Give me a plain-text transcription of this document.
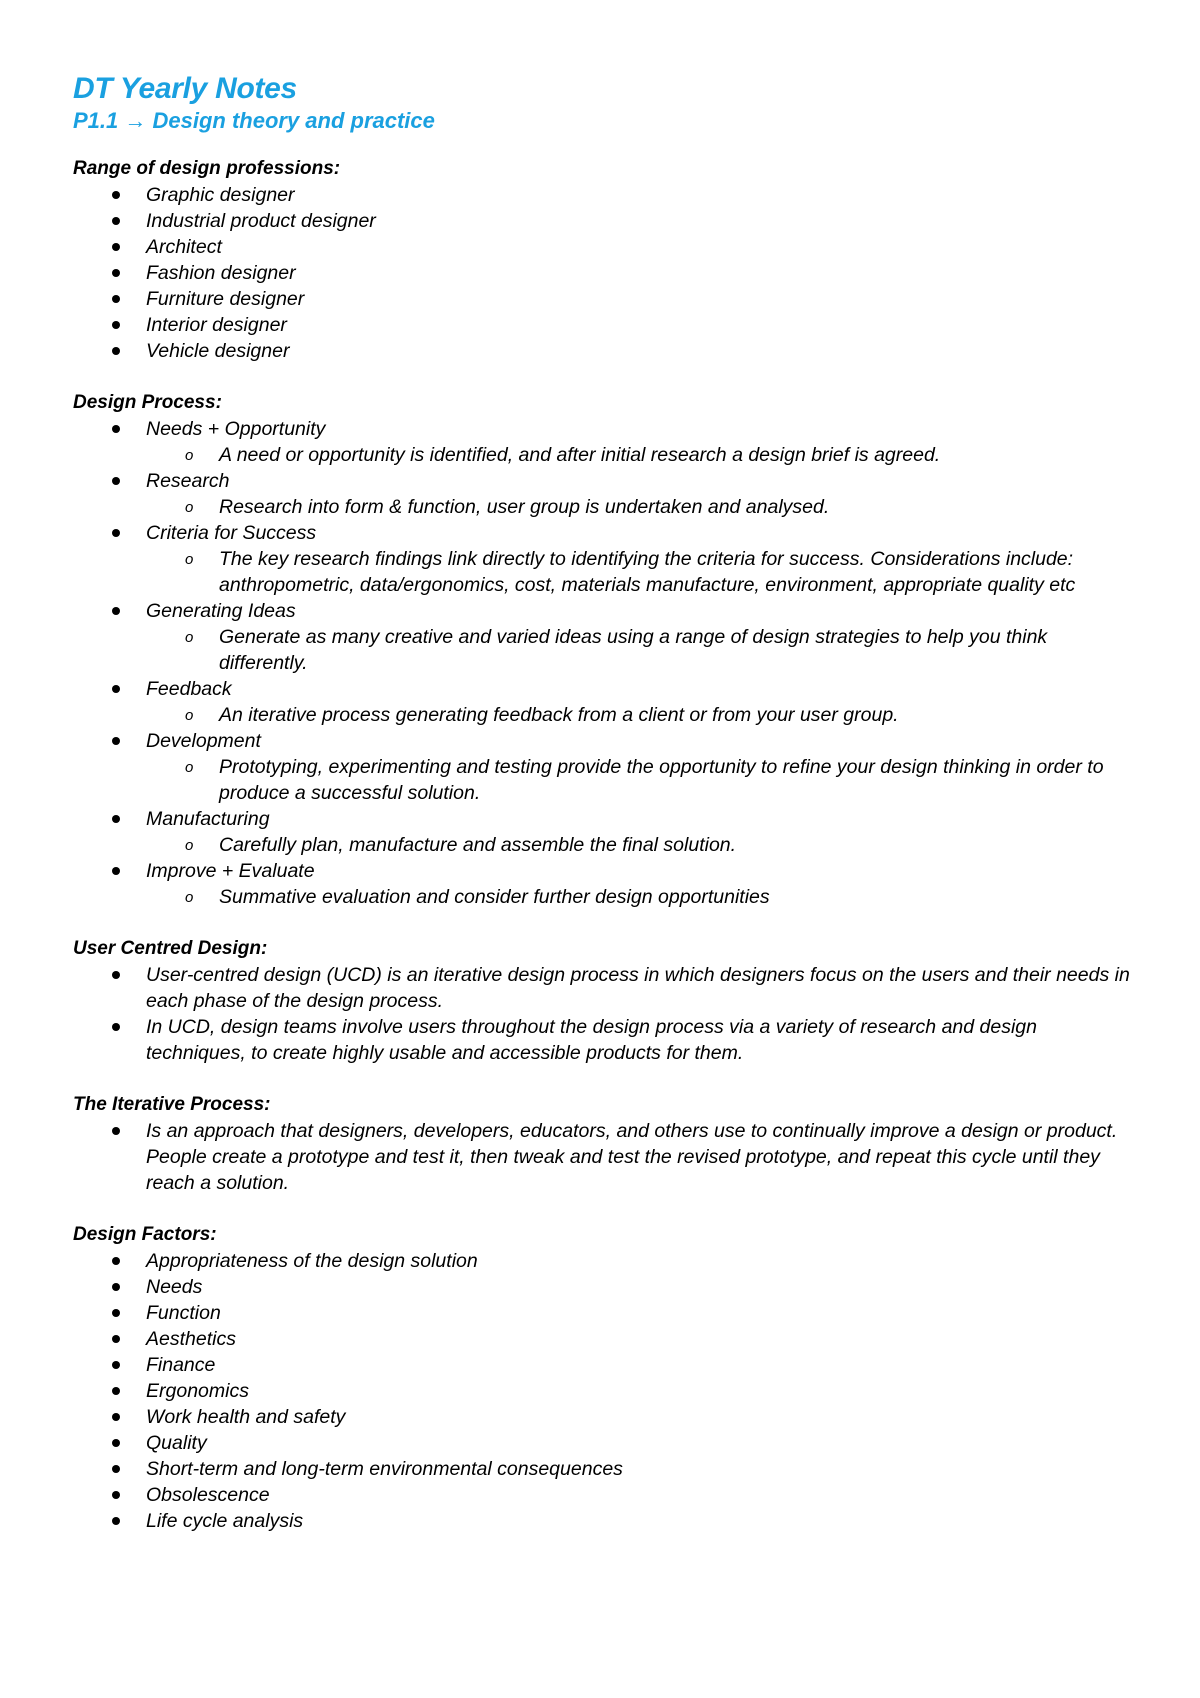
DT Yearly Notes
P1.1 → Design theory and practice
Range of design professions:
Graphic designer
Industrial product designer
Architect
Fashion designer
Furniture designer
Interior designer
Vehicle designer
Design Process:
Needs + Opportunity
o A need or opportunity is identified, and after initial research a design brief is agreed.
Research
o Research into form & function, user group is undertaken and analysed.
Criteria for Success
o The key research findings link directly to identifying the criteria for success. Considerations include: anthropometric, data/ergonomics, cost, materials manufacture, environment, appropriate quality etc
Generating Ideas
o Generate as many creative and varied ideas using a range of design strategies to help you think differently.
Feedback
o An iterative process generating feedback from a client or from your user group.
Development
o Prototyping, experimenting and testing provide the opportunity to refine your design thinking in order to produce a successful solution.
Manufacturing
o Carefully plan, manufacture and assemble the final solution.
Improve + Evaluate
o Summative evaluation and consider further design opportunities
User Centred Design:
User-centred design (UCD) is an iterative design process in which designers focus on the users and their needs in each phase of the design process.
In UCD, design teams involve users throughout the design process via a variety of research and design techniques, to create highly usable and accessible products for them.
The Iterative Process:
Is an approach that designers, developers, educators, and others use to continually improve a design or product. People create a prototype and test it, then tweak and test the revised prototype, and repeat this cycle until they reach a solution.
Design Factors:
Appropriateness of the design solution
Needs
Function
Aesthetics
Finance
Ergonomics
Work health and safety
Quality
Short-term and long-term environmental consequences
Obsolescence
Life cycle analysis
